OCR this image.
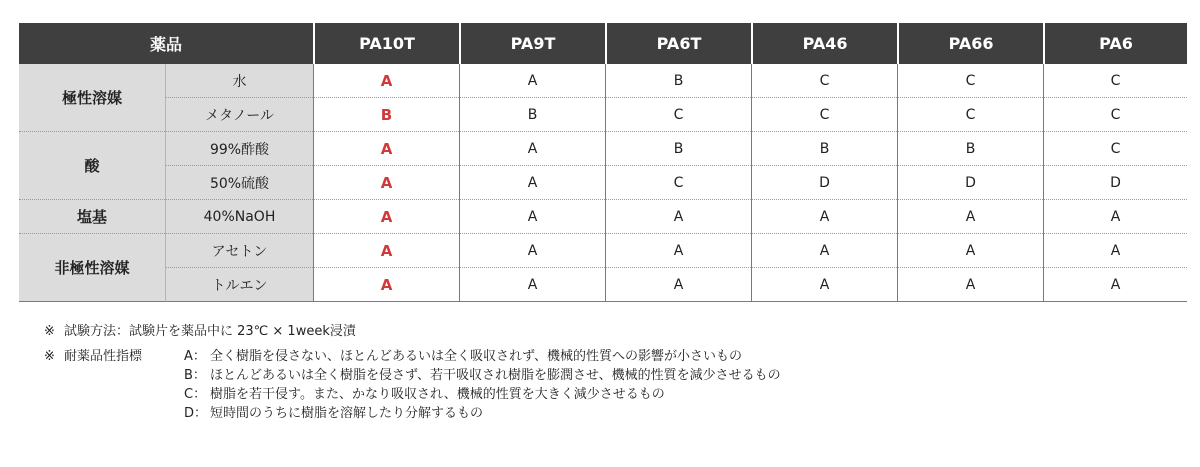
薬品		PA10T	PA9T	PA6T	PA46	PA66	PA6
極性溶媒	水	A	A	B	C	C	C
	メタノール	B	B	C	C	C	C
酸	99%酢酸	A	A	B	B	B	C
	50%硫酸	A	A	C	D	D	D
塩基	40%NaOH	A	A	A	A	A	A
非極性溶媒	アセトン	A	A	A	A	A	A
	トルエン	A	A	A	A	A	A
※ 試験方法：試験片を薬品中に 23℃ × 1week浸漬
※ 耐薬品性指標	A： 全く樹脂を侵さない、ほとんどあるいは全く吸収されず、機械的性質への影響が小さいもの
B： ほとんどあるいは全く樹脂を侵さず、若干吸収され樹脂を膨潤させ、機械的性質を減少させるもの
C： 樹脂を若干侵す。また、かなり吸収され、機械的性質を大きく減少させるもの
D： 短時間のうちに樹脂を溶解したり分解するもの
